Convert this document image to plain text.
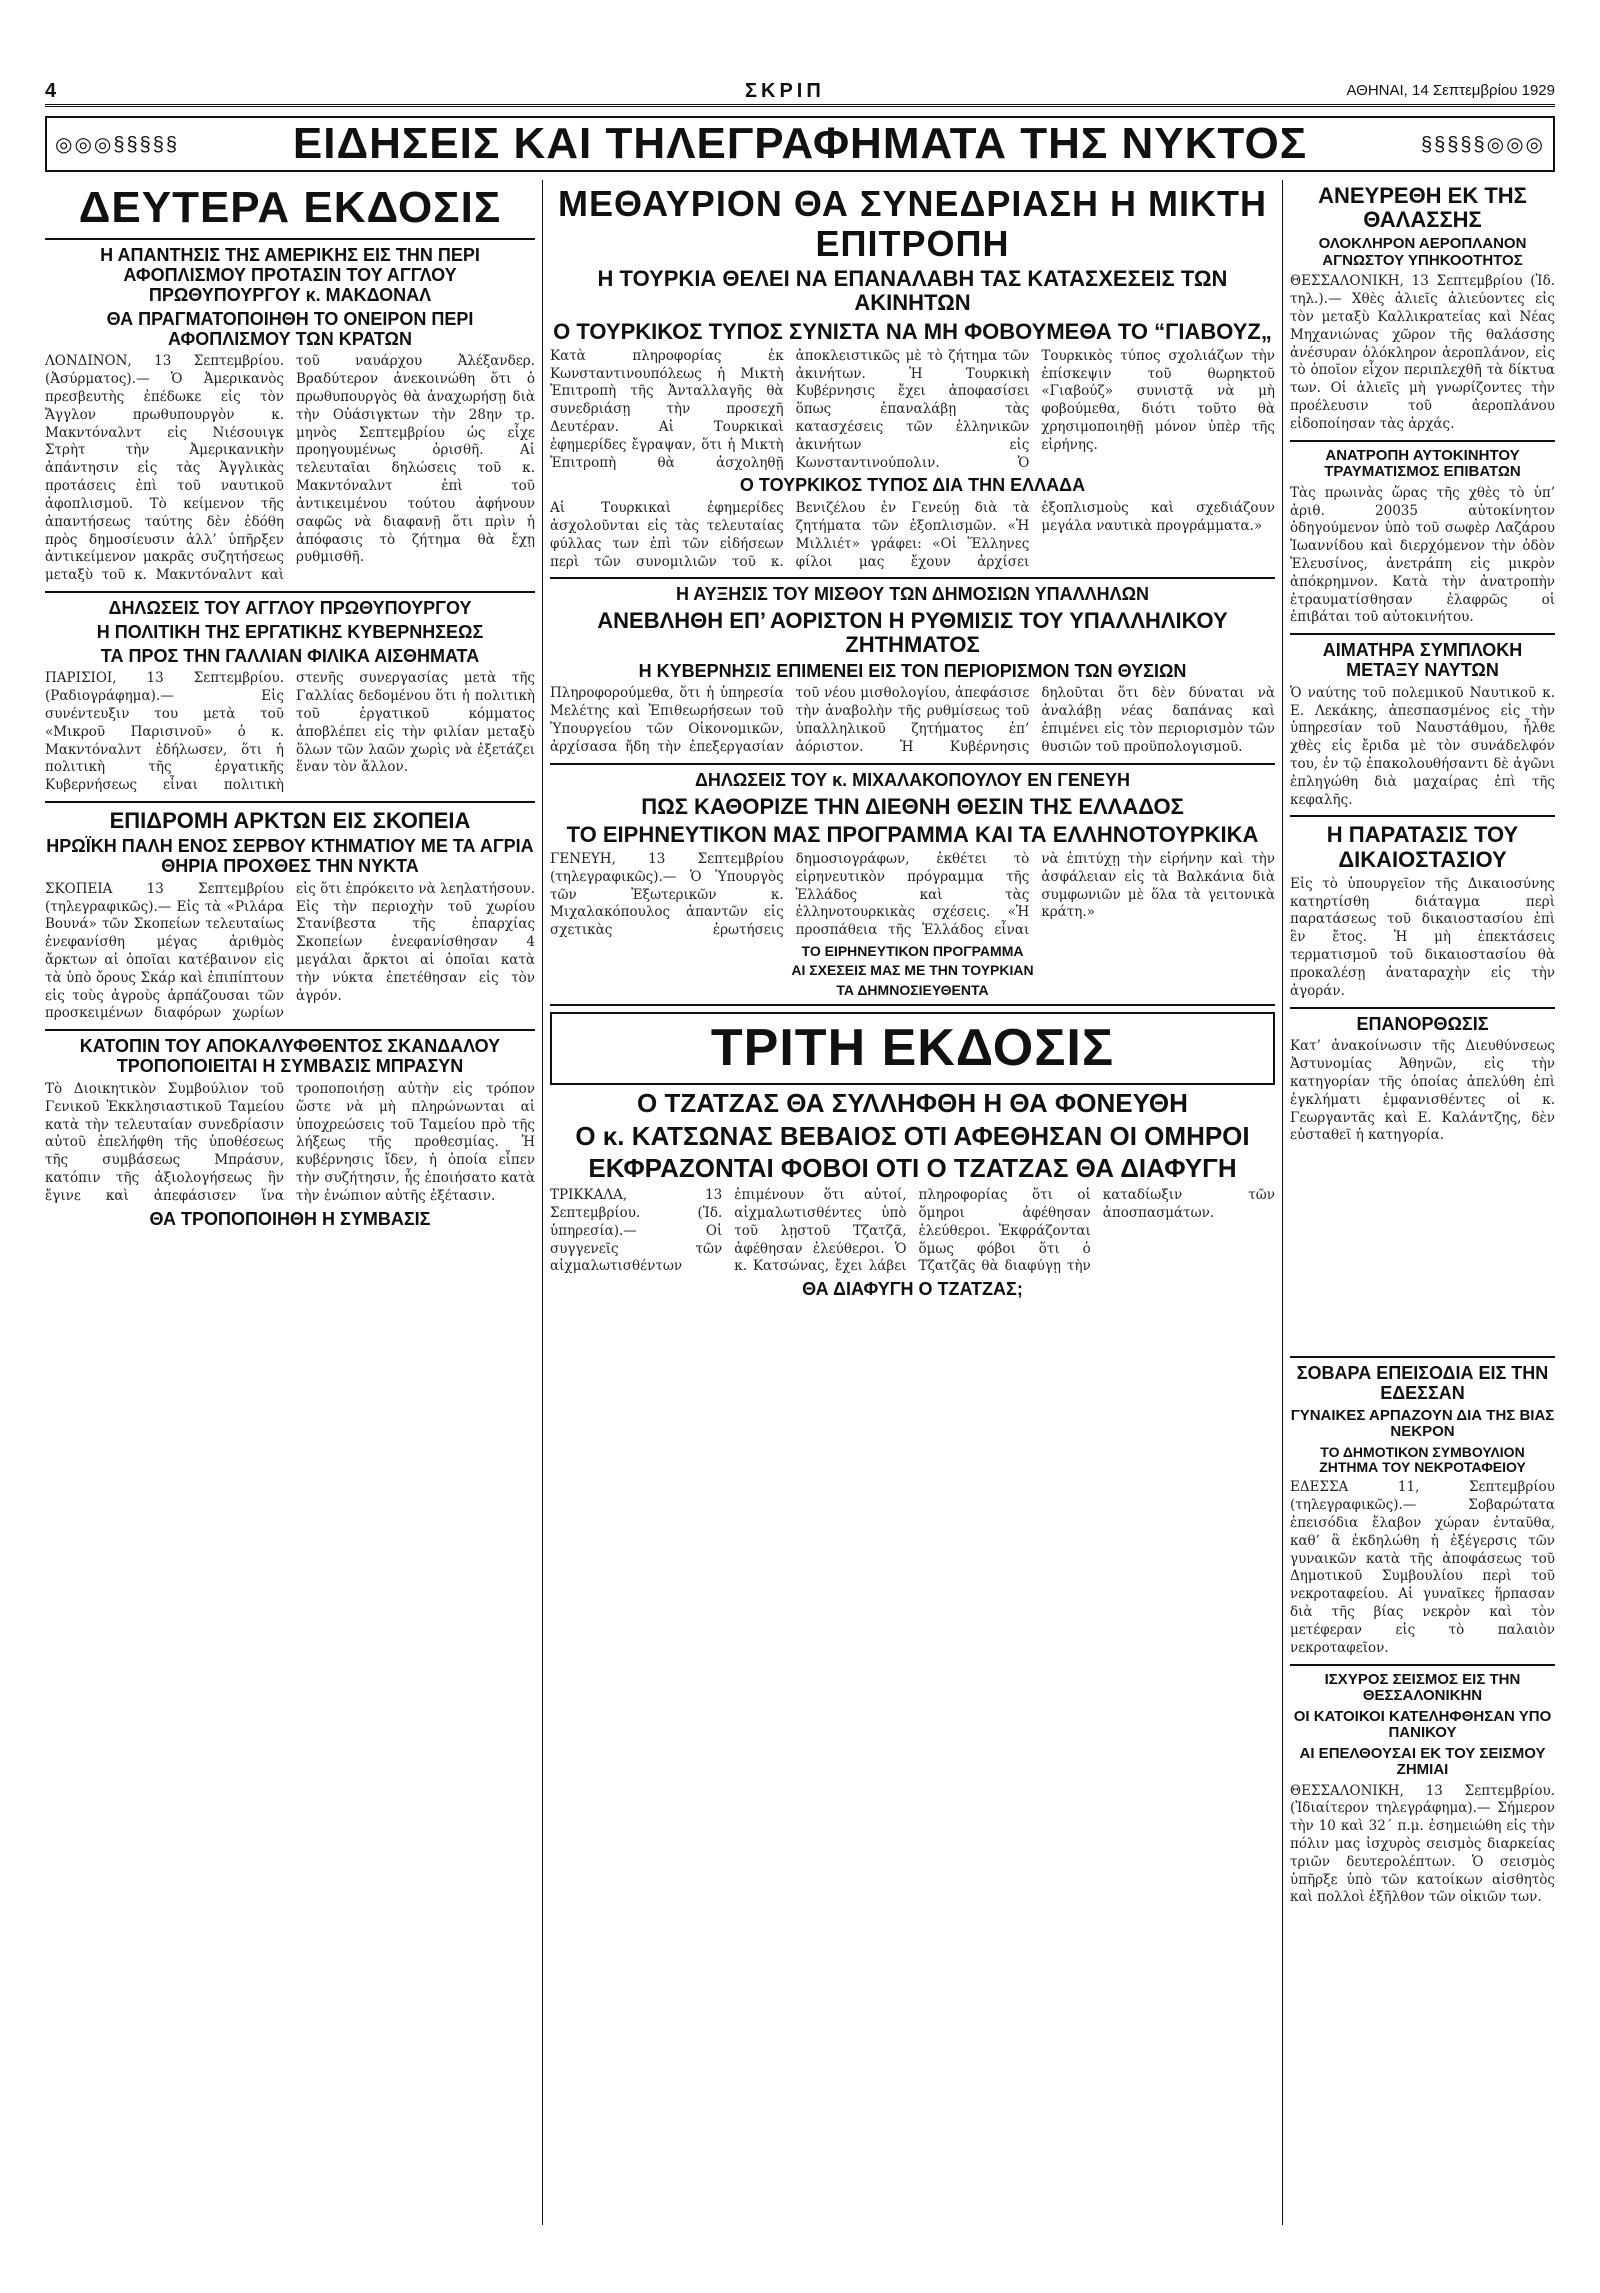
4	ΣΚΡΙΠ	ΑΘΗΝΑΙ, 14 Σεπτεμβρίου 1929
◎◎◎§§§§§	ΕΙΔΗΣΕΙΣ ΚΑΙ ΤΗΛΕΓΡΑΦΗΜΑΤΑ ΤΗΣ ΝΥΚΤΟΣ	§§§§§◎◎◎
ΔΕΥΤΕΡΑ ΕΚΔΟΣΙΣ
Η ΑΠΑΝΤΗΣΙΣ ΤΗΣ ΑΜΕΡΙΚΗΣ ΕΙΣ ΤΗΝ ΠΕΡΙ ΑΦΟΠΛΙΣΜΟΥ ΠΡΟΤΑΣΙΝ ΤΟΥ ΑΓΓΛΟΥ ΠΡΩΘΥΠΟΥΡΓΟΥ κ. ΜΑΚΔΟΝΑΛ
ΘΑ ΠΡΑΓΜΑΤΟΠΟΙΗΘΗ ΤΟ ΟΝΕΙΡΟΝ ΠΕΡΙ ΑΦΟΠΛΙΣΜΟΥ ΤΩΝ ΚΡΑΤΩΝ
ΛΟΝΔΙΝΟΝ, 13 Σεπτεμβρίου. (Ἀσύρματος).— Ὁ Ἀμερικανὸς πρεσβευτὴς ἐπέδωκε εἰς τὸν Ἄγγλον πρωθυπουργὸν κ. Μακντόναλντ εἰς Νιέσουιγκ Στρὴτ τὴν Ἀμερικανικὴν ἀπάντησιν εἰς τὰς Ἀγγλικὰς προτάσεις ἐπὶ τοῦ ναυτικοῦ ἀφοπλισμοῦ. Τὸ κείμενον τῆς ἀπαντήσεως ταύτης δὲν ἐδόθη πρὸς δημοσίευσιν ἀλλ’ ὑπῆρξεν ἀντικείμενον μακρᾶς συζητήσεως μεταξὺ τοῦ κ. Μακντόναλντ καὶ τοῦ ναυάρχου Ἀλέξανδερ. Βραδύτερον ἀνεκοινώθη ὅτι ὁ πρωθυπουργὸς θὰ ἀναχωρήσῃ διὰ τὴν Οὐάσιγκτων τὴν 28ην τρ. μηνὸς Σεπτεμβρίου ὡς εἶχε προηγουμένως ὁρισθῆ. Αἱ τελευταῖαι δηλώσεις τοῦ κ. Μακντόναλντ ἐπὶ τοῦ ἀντικειμένου τούτου ἀφήνουν σαφῶς νὰ διαφανῇ ὅτι πρὶν ἡ ἀπόφασις τὸ ζήτημα θὰ ἔχῃ ρυθμισθῆ.
ΔΗΛΩΣΕΙΣ ΤΟΥ ΑΓΓΛΟΥ ΠΡΩΘΥΠΟΥΡΓΟΥ
Η ΠΟΛΙΤΙΚΗ ΤΗΣ ΕΡΓΑΤΙΚΗΣ ΚΥΒΕΡΝΗΣΕΩΣ
ΤΑ ΠΡΟΣ ΤΗΝ ΓΑΛΛΙΑΝ ΦΙΛΙΚΑ ΑΙΣΘΗΜΑΤΑ
ΠΑΡΙΣΙΟΙ, 13 Σεπτεμβρίου. (Ραδιογράφημα).— Εἰς συνέντευξιν του μετὰ τοῦ «Μικροῦ Παρισινοῦ» ὁ κ. Μακντόναλντ ἐδήλωσεν, ὅτι ἡ πολιτικὴ τῆς ἐργατικῆς Κυβερνήσεως εἶναι πολιτικὴ στενῆς συνεργασίας μετὰ τῆς Γαλλίας δεδομένου ὅτι ἡ πολιτικὴ τοῦ ἐργατικοῦ κόμματος ἀποβλέπει εἰς τὴν φιλίαν μεταξὺ ὅλων τῶν λαῶν χωρὶς νὰ ἐξετάζει ἕναν τὸν ἄλλον.
ΕΠΙΔΡΟΜΗ ΑΡΚΤΩΝ ΕΙΣ ΣΚΟΠΕΙΑ
ΗΡΩΪΚΗ ΠΑΛΗ ΕΝΟΣ ΣΕΡΒΟΥ ΚΤΗΜΑΤΙΟΥ ΜΕ ΤΑ ΑΓΡΙΑ ΘΗΡΙΑ ΠΡΟΧΘΕΣ ΤΗΝ ΝΥΚΤΑ
ΣΚΟΠΕΙΑ 13 Σεπτεμβρίου (τηλεγραφικῶς).— Εἰς τὰ «Ριλάρα Βουνά» τῶν Σκοπείων τελευταίως ἐνεφανίσθη μέγας ἀριθμὸς ἄρκτων αἱ ὁποῖαι κατέβαινον εἰς τὰ ὑπὸ ὄρους Σκάρ καὶ ἐπιπίπτουν εἰς τοὺς ἀγροὺς ἀρπάζουσαι τῶν προσκειμένων διαφόρων χωρίων εἰς ὅτι ἐπρόκειτο νὰ λεηλατήσουν. Εἰς τὴν περιοχὴν τοῦ χωρίου Στανίβεστα τῆς ἐπαρχίας Σκοπείων ἐνεφανίσθησαν 4 μεγάλαι ἄρκτοι αἱ ὁποῖαι κατὰ τὴν νύκτα ἐπετέθησαν εἰς τὸν ἀγρόν.
ΚΑΤΟΠΙΝ ΤΟΥ ΑΠΟΚΑΛΥΦΘΕΝΤΟΣ ΣΚΑΝΔΑΛΟΥ ΤΡΟΠΟΠΟΙΕΙΤΑΙ Η ΣΥΜΒΑΣΙΣ ΜΠΡΑΣΥΝ
Τὸ Διοικητικὸν Συμβούλιον τοῦ Γενικοῦ Ἐκκλησιαστικοῦ Ταμείου κατὰ τὴν τελευταίαν συνεδρίασιν αὐτοῦ ἐπελήφθη τῆς ὑποθέσεως τῆς συμβάσεως Μπράσυν, κατόπιν τῆς ἀξιολογήσεως ἣν ἔγινε καὶ ἀπεφάσισεν ἵνα τροποποιήσῃ αὐτὴν εἰς τρόπον ὥστε νὰ μὴ πληρώνωνται αἱ ὑποχρεώσεις τοῦ Ταμείου πρὸ τῆς λήξεως τῆς προθεσμίας. Ἡ κυβέρνησις ἴδεν, ἡ ὁποία εἶπεν τὴν συζήτησιν, ἧς ἐποιήσατο κατὰ τὴν ἐνώπιον αὐτῆς ἐξέτασιν.
ΘΑ ΤΡΟΠΟΠΟΙΗΘΗ Η ΣΥΜΒΑΣΙΣ
ΜΕΘΑΥΡΙΟΝ ΘΑ ΣΥΝΕΔΡΙΑΣΗ Η ΜΙΚΤΗ ΕΠΙΤΡΟΠΗ
Η ΤΟΥΡΚΙΑ ΘΕΛΕΙ ΝΑ ΕΠΑΝΑΛΑΒΗ ΤΑΣ ΚΑΤΑΣΧΕΣΕΙΣ ΤΩΝ ΑΚΙΝΗΤΩΝ
Ο ΤΟΥΡΚΙΚΟΣ ΤΥΠΟΣ ΣΥΝΙΣΤΑ ΝΑ ΜΗ ΦΟΒΟΥΜΕΘΑ ΤΟ “ΓΙΑΒΟΥΖ„
Κατὰ πληροφορίας ἐκ Κωνσταντινουπόλεως ἡ Μικτὴ Ἐπιτροπὴ τῆς Ἀνταλλαγῆς θὰ συνεδριάσῃ τὴν προσεχῆ Δευτέραν. Αἱ Τουρκικαὶ ἐφημερίδες ἔγραψαν, ὅτι ἡ Μικτὴ Ἐπιτροπὴ θὰ ἀσχοληθῇ ἀποκλειστικῶς μὲ τὸ ζήτημα τῶν ἀκινήτων. Ἡ Τουρκικὴ Κυβέρνησις ἔχει ἀποφασίσει ὅπως ἐπαναλάβῃ τὰς κατασχέσεις τῶν ἑλληνικῶν ἀκινήτων εἰς Κωνσταντινούπολιν. Ὁ Τουρκικὸς τύπος σχολιάζων τὴν ἐπίσκεψιν τοῦ θωρηκτοῦ «Γιαβούζ» συνιστᾷ νὰ μὴ φοβούμεθα, διότι τοῦτο θὰ χρησιμοποιηθῇ μόνον ὑπὲρ τῆς εἰρήνης.
Ο ΤΟΥΡΚΙΚΟΣ ΤΥΠΟΣ ΔΙΑ ΤΗΝ ΕΛΛΑΔΑ
Αἱ Τουρκικαὶ ἐφημερίδες ἀσχολοῦνται εἰς τὰς τελευταίας φύλλας των ἐπὶ τῶν εἰδήσεων περὶ τῶν συνομιλιῶν τοῦ κ. Βενιζέλου ἐν Γενεύῃ διὰ τὰ ζητήματα τῶν ἐξοπλισμῶν. «Ἡ Μιλλιέτ» γράφει: «Οἱ Ἕλληνες φίλοι μας ἔχουν ἀρχίσει ἐξοπλισμοὺς καὶ σχεδιάζουν μεγάλα ναυτικὰ προγράμματα.»
Η ΑΥΞΗΣΙΣ ΤΟΥ ΜΙΣΘΟΥ ΤΩΝ ΔΗΜΟΣΙΩΝ ΥΠΑΛΛΗΛΩΝ
ΑΝΕΒΛΗΘΗ ΕΠ’ ΑΟΡΙΣΤΟΝ Η ΡΥΘΜΙΣΙΣ ΤΟΥ ΥΠΑΛΛΗΛΙΚΟΥ ΖΗΤΗΜΑΤΟΣ
Η ΚΥΒΕΡΝΗΣΙΣ ΕΠΙΜΕΝΕΙ ΕΙΣ ΤΟΝ ΠΕΡΙΟΡΙΣΜΟΝ ΤΩΝ ΘΥΣΙΩΝ
Πληροφορούμεθα, ὅτι ἡ ὑπηρεσία Μελέτης καὶ Ἐπιθεωρήσεων τοῦ Ὑπουργείου τῶν Οἰκονομικῶν, ἀρχίσασα ἤδη τὴν ἐπεξεργασίαν τοῦ νέου μισθολογίου, ἀπεφάσισε τὴν ἀναβολὴν τῆς ρυθμίσεως τοῦ ὑπαλληλικοῦ ζητήματος ἐπ’ ἀόριστον. Ἡ Κυβέρνησις δηλοῦται ὅτι δὲν δύναται νὰ ἀναλάβῃ νέας δαπάνας καὶ ἐπιμένει εἰς τὸν περιορισμὸν τῶν θυσιῶν τοῦ προϋπολογισμοῦ.
ΔΗΛΩΣΕΙΣ ΤΟΥ κ. ΜΙΧΑΛΑΚΟΠΟΥΛΟΥ ΕΝ ΓΕΝΕΥΗ
ΠΩΣ ΚΑΘΟΡΙΖΕ ΤΗΝ ΔΙΕΘΝΗ ΘΕΣΙΝ ΤΗΣ ΕΛΛΑΔΟΣ
ΤΟ ΕΙΡΗΝΕΥΤΙΚΟΝ ΜΑΣ ΠΡΟΓΡΑΜΜΑ ΚΑΙ ΤΑ ΕΛΛΗΝΟΤΟΥΡΚΙΚΑ
ΓΕΝΕΥΗ, 13 Σεπτεμβρίου (τηλεγραφικῶς).— Ὁ Ὑπουργὸς τῶν Ἐξωτερικῶν κ. Μιχαλακόπουλος ἀπαντῶν εἰς σχετικὰς ἐρωτήσεις δημοσιογράφων, ἐκθέτει τὸ εἰρηνευτικὸν πρόγραμμα τῆς Ἑλλάδος καὶ τὰς ἐλληνοτουρκικὰς σχέσεις. «Ἡ προσπάθεια τῆς Ἑλλάδος εἶναι νὰ ἐπιτύχῃ τὴν εἰρήνην καὶ τὴν ἀσφάλειαν εἰς τὰ Βαλκάνια διὰ συμφωνιῶν μὲ ὅλα τὰ γειτονικὰ κράτη.»
ΤΟ ΕΙΡΗΝΕΥΤΙΚΟΝ ΠΡΟΓΡΑΜΜΑ
ΑΙ ΣΧΕΣΕΙΣ ΜΑΣ ΜΕ ΤΗΝ ΤΟΥΡΚΙΑΝ
ΤΑ ΔΗΜΝΟΣΙΕΥΘΕΝΤΑ
ΤΡΙΤΗ ΕΚΔΟΣΙΣ
Ο ΤΖΑΤΖΑΣ ΘΑ ΣΥΛΛΗΦΘΗ Η ΘΑ ΦΟΝΕΥΘΗ
Ο κ. ΚΑΤΣΩΝΑΣ ΒΕΒΑΙΟΣ ΟΤΙ ΑΦΕΘΗΣΑΝ ΟΙ ΟΜΗΡΟΙ
ΕΚΦΡΑΖΟΝΤΑΙ ΦΟΒΟΙ ΟΤΙ Ο ΤΖΑΤΖΑΣ ΘΑ ΔΙΑΦΥΓΗ
ΤΡΙΚΚΑΛΑ, 13 Σεπτεμβρίου. (Ἰδ. ὑπηρεσία).— Οἱ συγγενεῖς τῶν αἰχμαλωτισθέντων ἐπιμένουν ὅτι αὐτοί, αἰχμαλωτισθέντες ὑπὸ τοῦ λῃστοῦ Τζατζᾶ, ἀφέθησαν ἐλεύθεροι. Ὁ κ. Κατσώνας, ἔχει λάβει πληροφορίας ὅτι οἱ ὅμηροι ἀφέθησαν ἐλεύθεροι. Ἐκφράζονται ὅμως φόβοι ὅτι ὁ Τζατζᾶς θὰ διαφύγῃ τὴν καταδίωξιν τῶν ἀποσπασμάτων.
ΘΑ ΔΙΑΦΥΓΗ Ο ΤΖΑΤΖΑΣ;
ΑΝΕΥΡΕΘΗ ΕΚ ΤΗΣ ΘΑΛΑΣΣΗΣ
ΟΛΟΚΛΗΡΟΝ ΑΕΡΟΠΛΑΝΟΝ ΑΓΝΩΣΤΟΥ ΥΠΗΚΟΟΤΗΤΟΣ
ΘΕΣΣΑΛΟΝΙΚΗ, 13 Σεπτεμβρίου (Ἰδ. τηλ.).— Χθὲς ἁλιεῖς ἀλιεύοντες εἰς τὸν μεταξὺ Καλλικρατείας καὶ Νέας Μηχανιώνας χῶρον τῆς θαλάσσης ἀνέσυραν ὁλόκληρον ἀεροπλάνον, εἰς τὸ ὁποῖον εἶχον περιπλεχθῆ τὰ δίκτυα των. Οἱ ἁλιεῖς μὴ γνωρίζοντες τὴν προέλευσιν τοῦ ἀεροπλάνου εἰδοποίησαν τὰς ἀρχάς.
ΑΝΑΤΡΟΠΗ ΑΥΤΟΚΙΝΗΤΟΥ ΤΡΑΥΜΑΤΙΣΜΟΣ ΕΠΙΒΑΤΩΝ
Τὰς πρωινὰς ὥρας τῆς χθὲς τὸ ὑπ’ ἀριθ. 20035 αὐτοκίνητον ὁδηγούμενον ὑπὸ τοῦ σωφὲρ Λαζάρου Ἰωαννίδου καὶ διερχόμενον τὴν ὁδὸν Ἐλευσίνος, ἀνετράπη εἰς μικρὸν ἀπόκρημνον. Κατὰ τὴν ἀνατροπὴν ἐτραυματίσθησαν ἐλαφρῶς οἱ ἐπιβάται τοῦ αὐτοκινήτου.
ΑΙΜΑΤΗΡΑ ΣΥΜΠΛΟΚΗ ΜΕΤΑΞΥ ΝΑΥΤΩΝ
Ὁ ναύτης τοῦ πολεμικοῦ Ναυτικοῦ κ. Ε. Λεκάκης, ἀπεσπασμένος εἰς τὴν ὑπηρεσίαν τοῦ Ναυστάθμου, ἦλθε χθὲς εἰς ἔριδα μὲ τὸν συνάδελφόν του, ἐν τῷ ἐπακολουθήσαντι δὲ ἀγῶνι ἐπληγώθη διὰ μαχαίρας ἐπὶ τῆς κεφαλῆς.
Η ΠΑΡΑΤΑΣΙΣ ΤΟΥ ΔΙΚΑΙΟΣΤΑΣΙΟΥ
Εἰς τὸ ὑπουργεῖον τῆς Δικαιοσύνης κατηρτίσθη διάταγμα περὶ παρατάσεως τοῦ δικαιοστασίου ἐπὶ ἓν ἔτος. Ἡ μὴ ἐπεκτάσεις τερματισμοῦ τοῦ δικαιοστασίου θὰ προκαλέσῃ ἀναταραχὴν εἰς τὴν ἀγοράν.
ΕΠΑΝΟΡΘΩΣΙΣ
Κατ’ ἀνακοίνωσιν τῆς Διευθύνσεως Ἀστυνομίας Ἀθηνῶν, εἰς τὴν κατηγορίαν τῆς ὁποίας ἀπελύθη ἐπὶ ἐγκλήματι ἐμφανισθέντες οἱ κ. Γεωργαντᾶς καὶ Ε. Καλάντζης, δὲν εὐσταθεῖ ἡ κατηγορία.
ΣΟΒΑΡΑ ΕΠΕΙΣΟΔΙΑ ΕΙΣ ΤΗΝ ΕΔΕΣΣΑΝ
ΓΥΝΑΙΚΕΣ ΑΡΠΑΖΟΥΝ ΔΙΑ ΤΗΣ ΒΙΑΣ ΝΕΚΡΟΝ
ΤΟ ΔΗΜΟΤΙΚΟΝ ΣΥΜΒΟΥΛΙΟΝ ΖΗΤΗΜΑ ΤΟΥ ΝΕΚΡΟΤΑΦΕΙΟΥ
ΕΔΕΣΣΑ 11, Σεπτεμβρίου (τηλεγραφικῶς).— Σοβαρώτατα ἐπεισόδια ἔλαβον χώραν ἐνταῦθα, καθ’ ἃ ἐκδηλώθη ἡ ἐξέγερσις τῶν γυναικῶν κατὰ τῆς ἀποφάσεως τοῦ Δημοτικοῦ Συμβουλίου περὶ τοῦ νεκροταφείου. Αἱ γυναῖκες ἥρπασαν διὰ τῆς βίας νεκρὸν καὶ τὸν μετέφεραν εἰς τὸ παλαιὸν νεκροταφεῖον.
ΙΣΧΥΡΟΣ ΣΕΙΣΜΟΣ ΕΙΣ ΤΗΝ ΘΕΣΣΑΛΟΝΙΚΗΝ
ΟΙ ΚΑΤΟΙΚΟΙ ΚΑΤΕΛΗΦΘΗΣΑΝ ΥΠΟ ΠΑΝΙΚΟΥ
ΑΙ ΕΠΕΛΘΟΥΣΑΙ ΕΚ ΤΟΥ ΣΕΙΣΜΟΥ ΖΗΜΙΑΙ
ΘΕΣΣΑΛΟΝΙΚΗ, 13 Σεπτεμβρίου. (Ἰδιαίτερον τηλεγράφημα).— Σήμερον τὴν 10 καὶ 32΄ π.μ. ἐσημειώθη εἰς τὴν πόλιν μας ἰσχυρὸς σεισμὸς διαρκείας τριῶν δευτερολέπτων. Ὁ σεισμὸς ὑπῆρξε ὑπὸ τῶν κατοίκων αἰσθητὸς καὶ πολλοὶ ἐξῆλθον τῶν οἰκιῶν των.
